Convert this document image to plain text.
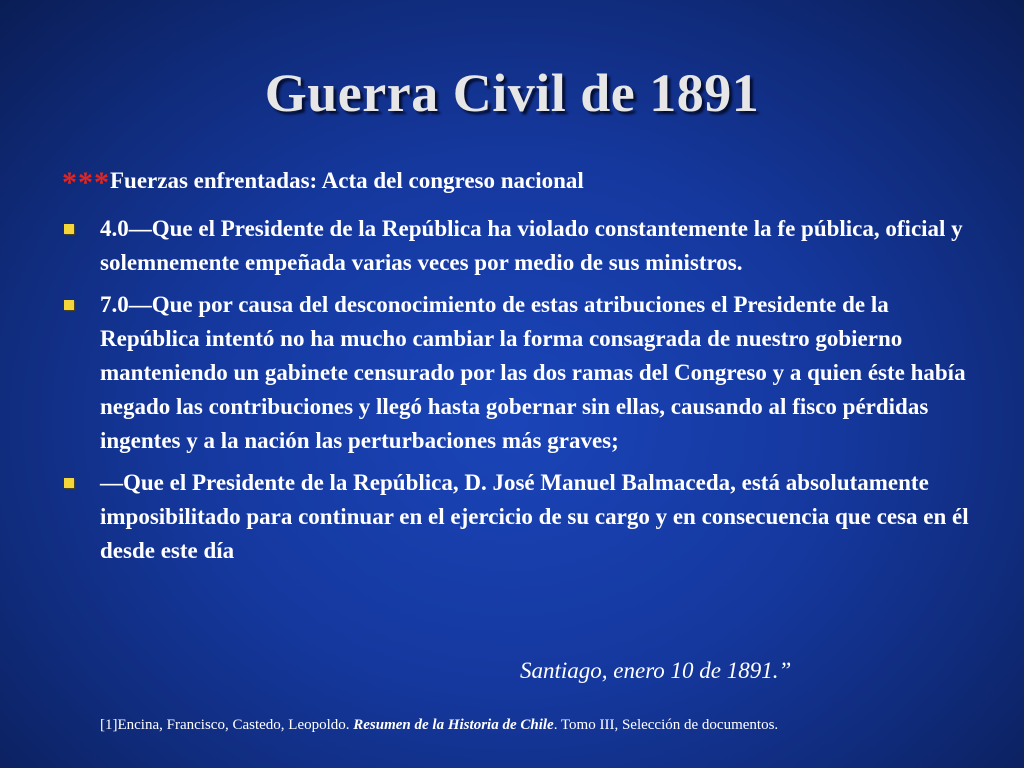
Guerra Civil de 1891
***Fuerzas enfrentadas: Acta del congreso nacional
4.0—Que el Presidente de la República ha violado constantemente la fe pública, oficial y solemnemente empeñada varias veces por medio de sus ministros.
7.0—Que por causa del desconocimiento de estas atribuciones el Presidente de la República intentó no ha mucho cambiar la forma consagrada de nuestro gobierno manteniendo un gabinete censurado por las dos ramas del Congreso y a quien éste había negado las contribuciones y llegó hasta gobernar sin ellas, causando al fisco pérdidas ingentes y a la nación las perturbaciones más graves;
—Que el Presidente de la República, D. José Manuel Balmaceda, está absolutamente imposibilitado para continuar en el ejercicio de su cargo y en consecuencia que cesa en él desde este día
Santiago, enero 10 de 1891.”
[1]Encina, Francisco, Castedo, Leopoldo. Resumen de la Historia de Chile. Tomo III, Selección de documentos.
